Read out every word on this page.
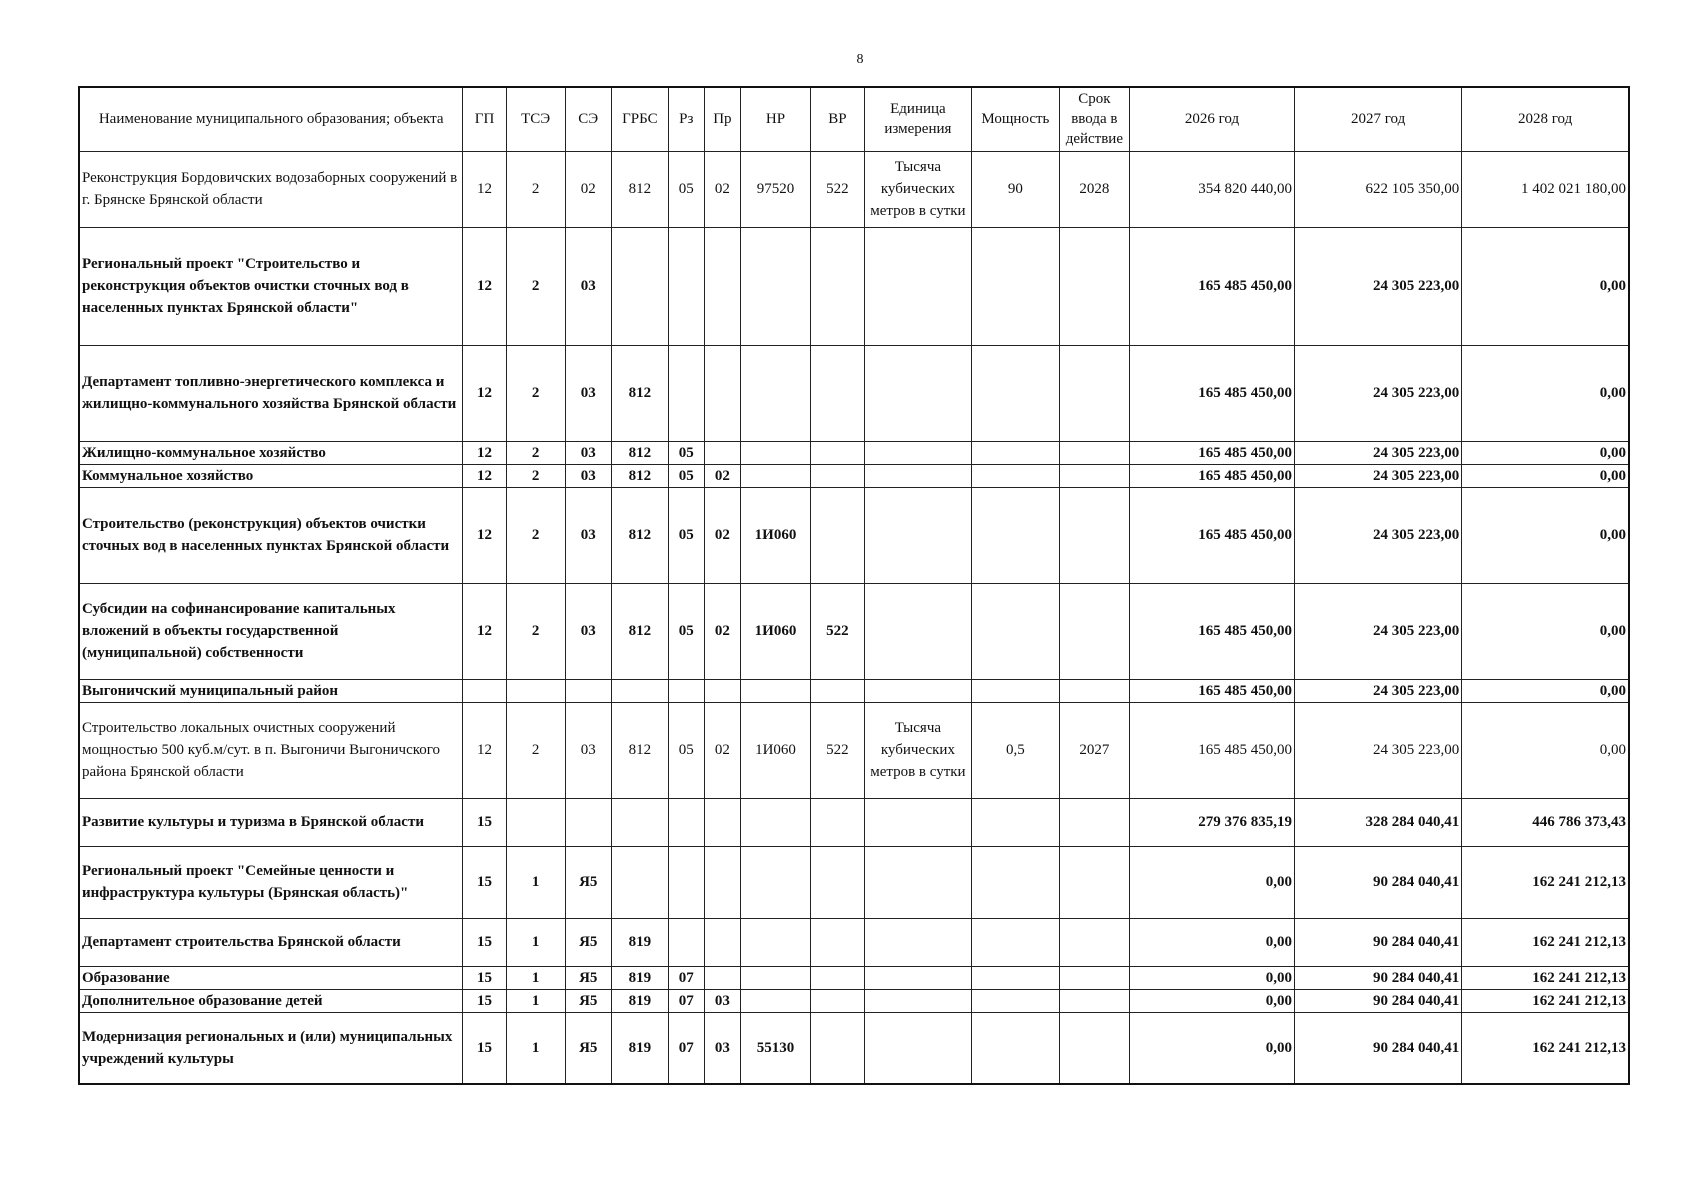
8
Наименование муниципального образования; объекта	ГП	ТСЭ	СЭ	ГРБС	Рз	Пр	НР	ВР	Единица измерения	Мощность	Срок ввода в действие	2026 год	2027 год	2028 год
Реконструкция Бордовичских водозаборных сооружений в г. Брянске Брянской области	12	2	02	812	05	02	97520	522	Тысяча кубических метров в сутки	90	2028	354 820 440,00	622 105 350,00	1 402 021 180,00
Региональный проект "Строительство и реконструкция объектов очистки сточных вод в населенных пунктах Брянской области"	12	2	03									165 485 450,00	24 305 223,00	0,00
Департамент топливно-энергетического комплекса и жилищно-коммунального хозяйства Брянской области	12	2	03	812								165 485 450,00	24 305 223,00	0,00
Жилищно-коммунальное хозяйство	12	2	03	812	05							165 485 450,00	24 305 223,00	0,00
Коммунальное хозяйство	12	2	03	812	05	02						165 485 450,00	24 305 223,00	0,00
Строительство (реконструкция) объектов очистки сточных вод в населенных пунктах Брянской области	12	2	03	812	05	02	1И060					165 485 450,00	24 305 223,00	0,00
Субсидии на софинансирование капитальных вложений в объекты государственной (муниципальной) собственности	12	2	03	812	05	02	1И060	522				165 485 450,00	24 305 223,00	0,00
Выгоничский муниципальный район												165 485 450,00	24 305 223,00	0,00
Строительство локальных очистных сооружений мощностью 500 куб.м/сут. в п. Выгоничи Выгоничского района Брянской области	12	2	03	812	05	02	1И060	522	Тысяча кубических метров в сутки	0,5	2027	165 485 450,00	24 305 223,00	0,00
Развитие культуры и туризма в Брянской области	15											279 376 835,19	328 284 040,41	446 786 373,43
Региональный проект "Семейные ценности и инфраструктура культуры (Брянская область)"	15	1	Я5									0,00	90 284 040,41	162 241 212,13
Департамент строительства Брянской области	15	1	Я5	819								0,00	90 284 040,41	162 241 212,13
Образование	15	1	Я5	819	07							0,00	90 284 040,41	162 241 212,13
Дополнительное образование детей	15	1	Я5	819	07	03						0,00	90 284 040,41	162 241 212,13
Модернизация региональных и (или) муниципальных учреждений культуры	15	1	Я5	819	07	03	55130					0,00	90 284 040,41	162 241 212,13
